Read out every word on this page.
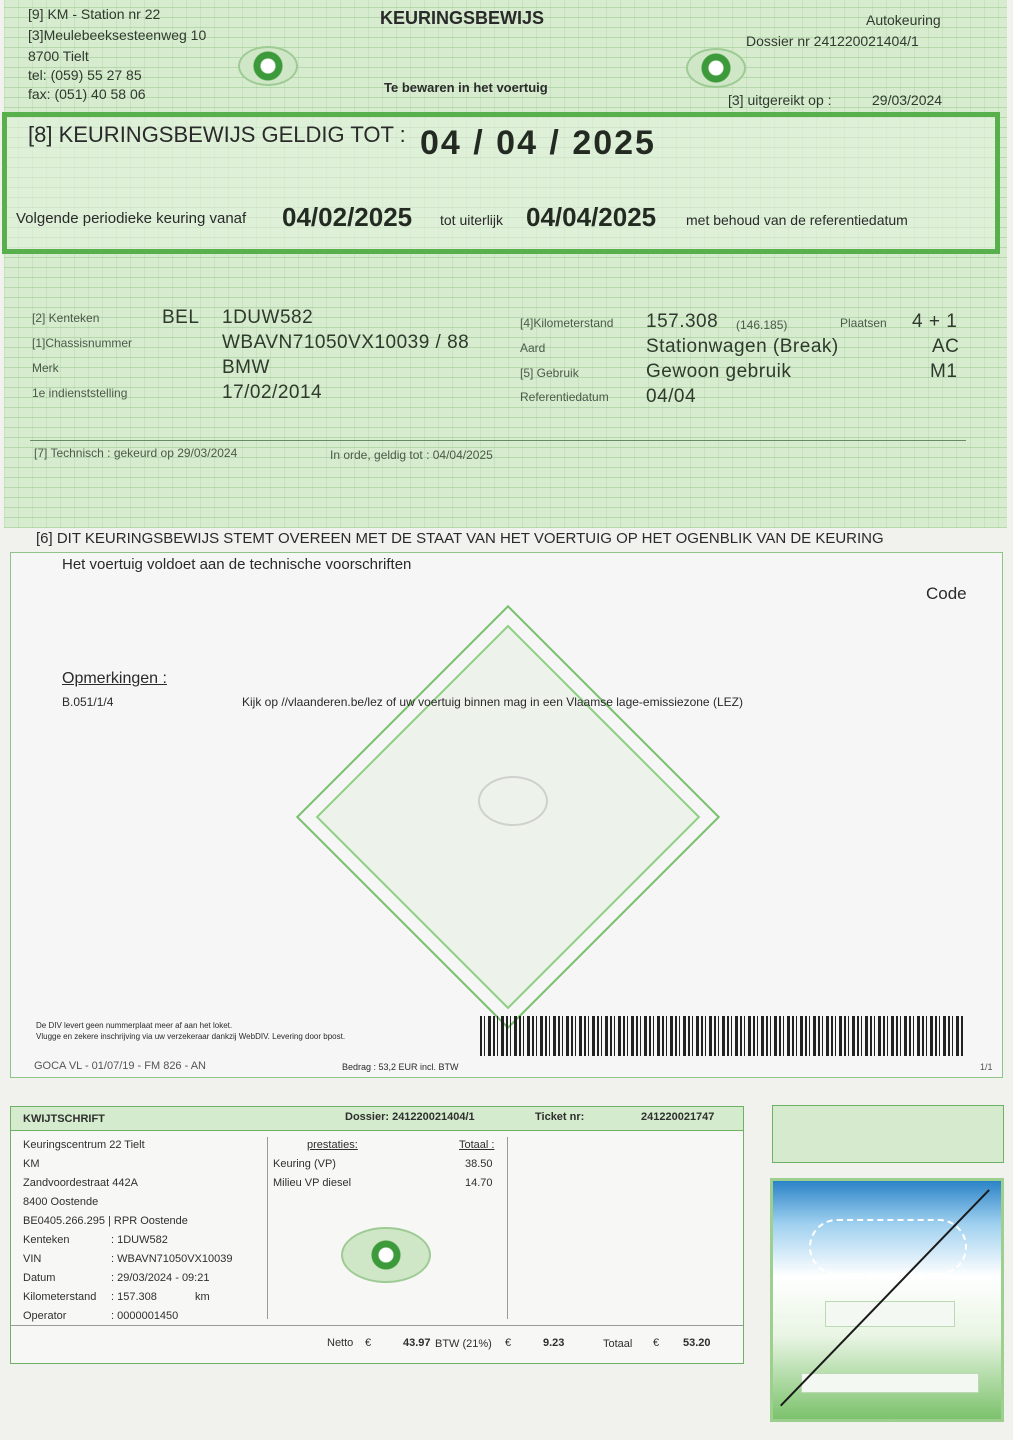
[9] KM - Station nr 22
[3]Meulebeeksesteenweg 10
8700 Tielt
tel: (059) 55 27 85
fax: (051) 40 58 06
KEURINGSBEWIJS
Te bewaren in het voertuig
Autokeuring
Dossier nr 241220021404/1
[3] uitgereikt op :	29/03/2024
[8] KEURINGSBEWIJS GELDIG TOT : 04 / 04 / 2025
Volgende periodieke keuring vanaf 04/02/2025 tot uiterlijk 04/04/2025 met behoud van de referentiedatum
[2] Kenteken	BEL 1DUW582
[1]Chassisnummer	WBAVN71050VX10039 / 88
Merk	BMW
1e indienststelling	17/02/2014
[4]Kilometerstand 157.308 (146.185)	Plaatsen 4 + 1
Aard	Stationwagen (Break)	AC
[5] Gebruik	Gewoon gebruik	M1
Referentiedatum 04/04
[7] Technisch : gekeurd op 29/03/2024	In orde, geldig tot : 04/04/2025
[6] DIT KEURINGSBEWIJS STEMT OVEREEN MET DE STAAT VAN HET VOERTUIG OP HET OGENBLIK VAN DE KEURING
Het voertuig voldoet aan de technische voorschriften
Code
Opmerkingen :
B.051/1/4	Kijk op //vlaanderen.be/lez of uw voertuig binnen mag in een Vlaamse lage-emissiezone (LEZ)
De DIV levert geen nummerplaat meer af aan het loket.
Vlugge en zekere inschrijving via uw verzekeraar dankzij WebDIV. Levering door bpost.
GOCA VL - 01/07/19 - FM 826 - AN	Bedrag : 53,2 EUR incl. BTW	1/1
KWIJTSCHRIFT	Dossier: 241220021404/1	Ticket nr:	241220021747
Keuringscentrum 22 Tielt
KM
Zandvoordestraat 442A
8400 Oostende
BE0405.266.295 | RPR Oostende
Kenteken	: 1DUW582
VIN	: WBAVN71050VX10039
Datum	: 29/03/2024 - 09:21
Kilometerstand : 157.308	km
Operator	: 0000001450
prestaties:	Totaal :
Keuring (VP)	38.50
Milieu VP diesel	14.70
Netto €	43.97 BTW (21%) €	9.23	Totaal € 53.20
